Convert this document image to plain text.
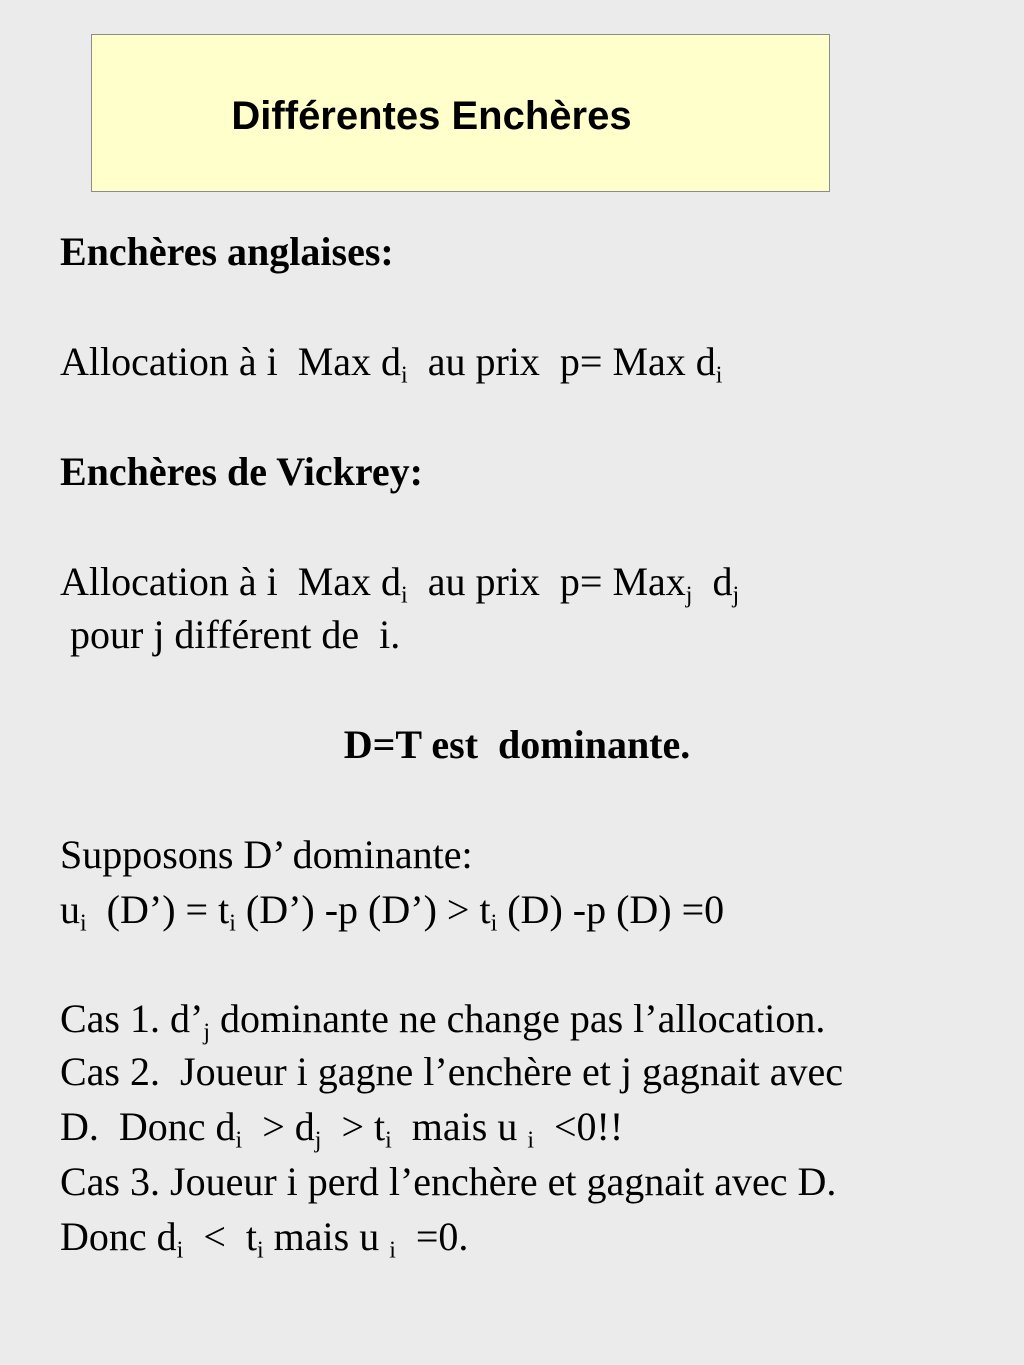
Différentes Enchères
Enchères anglaises:
Allocation à i  Max $d_i$  au prix  p= Max $d_i$
Enchères de Vickrey:
Allocation à i  Max $d_i$  au prix  p= Max$_j$  $d_j$
pour j différent de  i.
D=T est  dominante.
Supposons D’ dominante:
$u_i$  (D’) = $t_i$ (D’) -p (D’) > $t_i$ (D) -p (D) =0
Cas 1. $d’_j$ dominante ne change pas l’allocation.
Cas 2.  Joueur i gagne l’enchère et j gagnait avec
D.  Donc $d_i > d_j > t_i$  mais u $_i$  <0!!
Cas 3. Joueur i perd l’enchère et gagnait avec D.
Donc $d_i < t_i$ mais u $_i$  =0.
